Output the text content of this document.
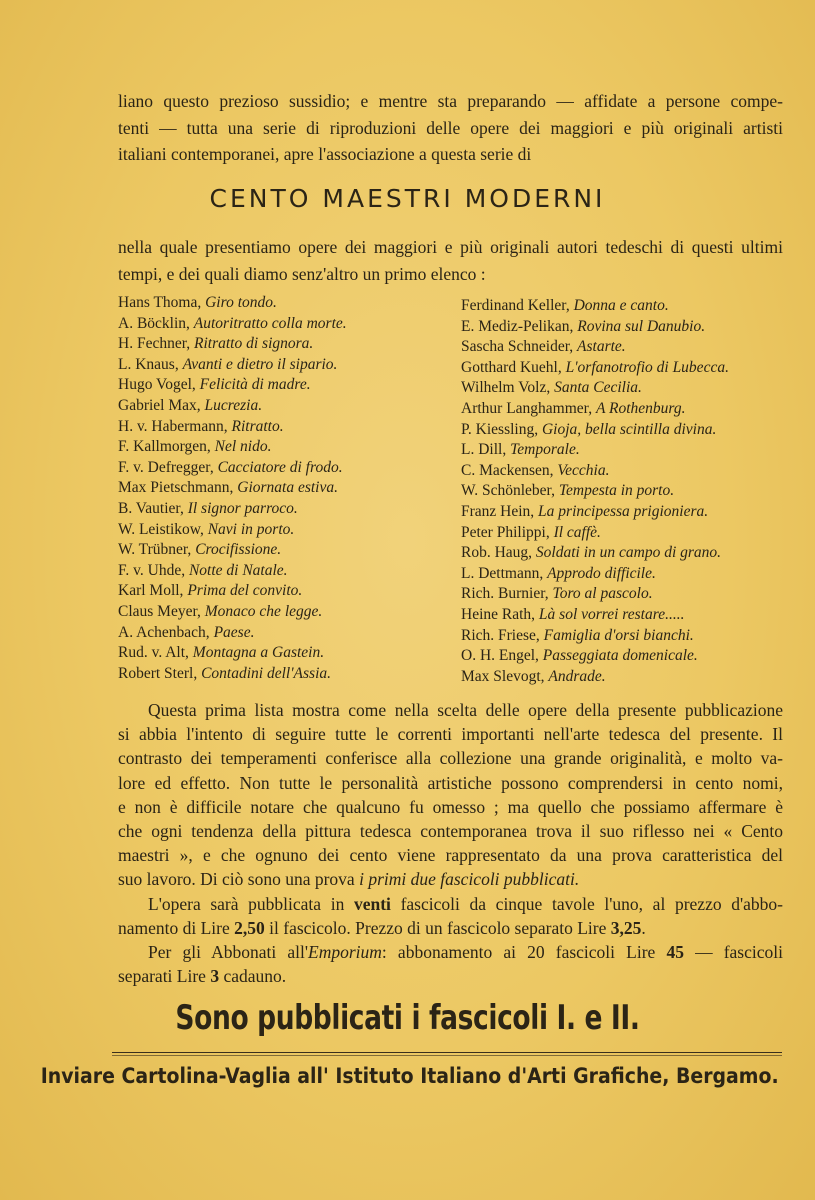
liano questo prezioso sussidio; e mentre sta preparando — affidate a persone compe-
tenti — tutta una serie di riproduzioni delle opere dei maggiori e più originali artisti
italiani contemporanei, apre l'associazione a questa serie di
CENTO MAESTRI MODERNI
nella quale presentiamo opere dei maggiori e più originali autori tedeschi di questi ultimi
tempi, e dei quali diamo senz'altro un primo elenco :
Hans Thoma, Giro tondo.
A. Böcklin, Autoritratto colla morte.
H. Fechner, Ritratto di signora.
L. Knaus, Avanti e dietro il sipario.
Hugo Vogel, Felicità di madre.
Gabriel Max, Lucrezia.
H. v. Habermann, Ritratto.
F. Kallmorgen, Nel nido.
F. v. Defregger, Cacciatore di frodo.
Max Pietschmann, Giornata estiva.
B. Vautier, Il signor parroco.
W. Leistikow, Navi in porto.
W. Trübner, Crocifissione.
F. v. Uhde, Notte di Natale.
Karl Moll, Prima del convito.
Claus Meyer, Monaco che legge.
A. Achenbach, Paese.
Rud. v. Alt, Montagna a Gastein.
Robert Sterl, Contadini dell'Assia.
Ferdinand Keller, Donna e canto.
E. Mediz-Pelikan, Rovina sul Danubio.
Sascha Schneider, Astarte.
Gotthard Kuehl, L'orfanotrofio di Lubecca.
Wilhelm Volz, Santa Cecilia.
Arthur Langhammer, A Rothenburg.
P. Kiessling, Gioja, bella scintilla divina.
L. Dill, Temporale.
C. Mackensen, Vecchia.
W. Schönleber, Tempesta in porto.
Franz Hein, La principessa prigioniera.
Peter Philippi, Il caffè.
Rob. Haug, Soldati in un campo di grano.
L. Dettmann, Approdo difficile.
Rich. Burnier, Toro al pascolo.
Heine Rath, Là sol vorrei restare.....
Rich. Friese, Famiglia d'orsi bianchi.
O. H. Engel, Passeggiata domenicale.
Max Slevogt, Andrade.
Questa prima lista mostra come nella scelta delle opere della presente pubblicazione
si abbia l'intento di seguire tutte le correnti importanti nell'arte tedesca del presente. Il
contrasto dei temperamenti conferisce alla collezione una grande originalità, e molto va-
lore ed effetto. Non tutte le personalità artistiche possono comprendersi in cento nomi,
e non è difficile notare che qualcuno fu omesso ; ma quello che possiamo affermare è
che ogni tendenza della pittura tedesca contemporanea trova il suo riflesso nei « Cento
maestri », e che ognuno dei cento viene rappresentato da una prova caratteristica del
suo lavoro. Di ciò sono una prova i primi due fascicoli pubblicati.
L'opera sarà pubblicata in venti fascicoli da cinque tavole l'uno, al prezzo d'abbo-
namento di Lire 2,50 il fascicolo. Prezzo di un fascicolo separato Lire 3,25.
Per gli Abbonati all'Emporium: abbonamento ai 20 fascicoli Lire 45 — fascicoli
separati Lire 3 cadauno.
Sono pubblicati i fascicoli I. e II.
Inviare Cartolina-Vaglia all' Istituto Italiano d'Arti Grafiche, Bergamo.
